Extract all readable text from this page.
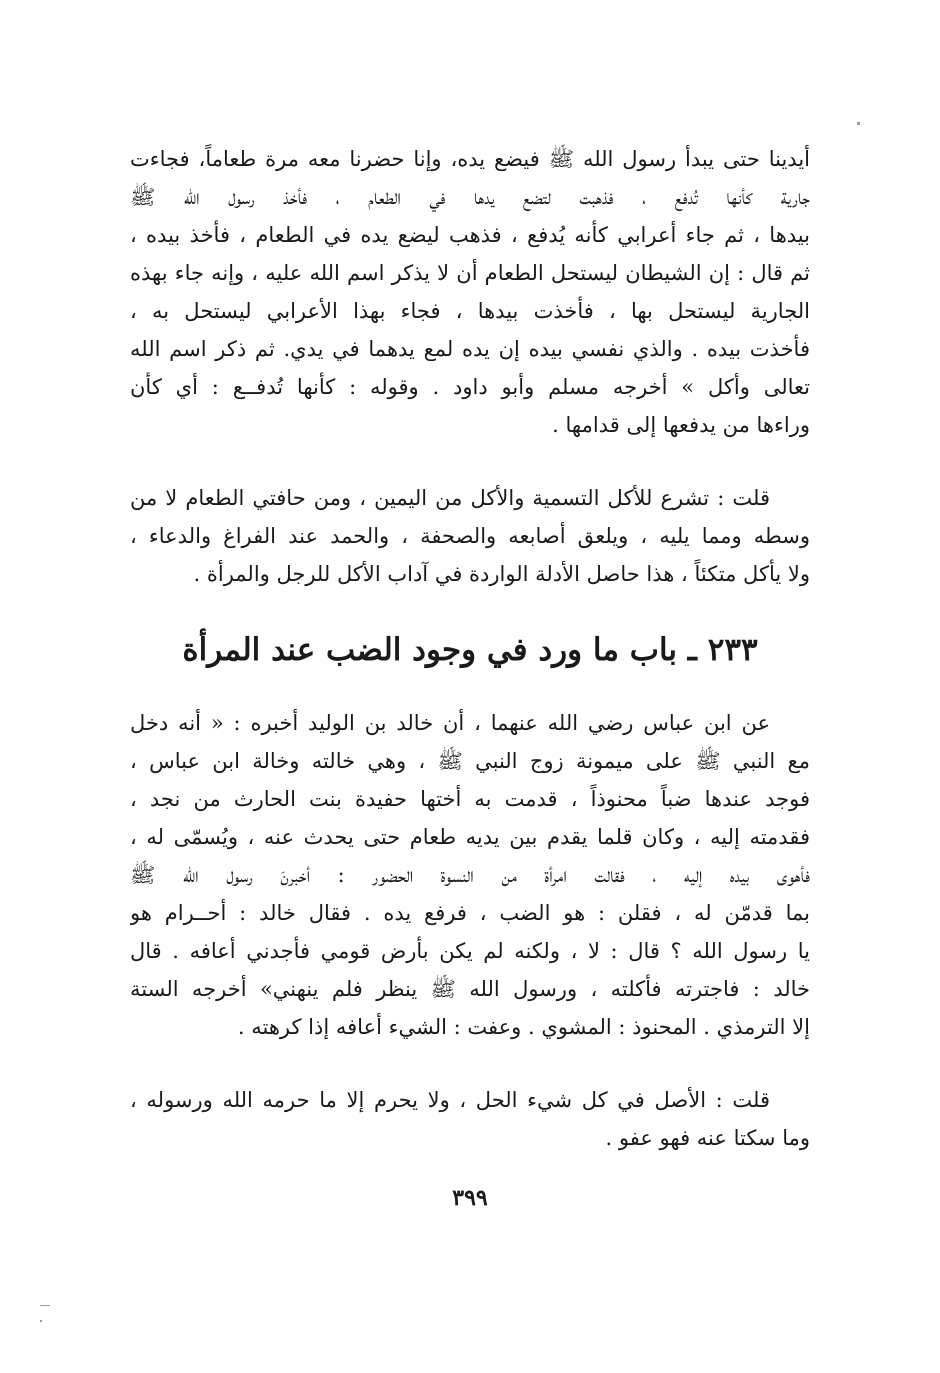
أيدينا حتى يبدأ رسول الله ﷺ فيضع يده، وإنا حضرنا معه مرة طعاماً، فجاءت
جارية كأنها تُدفع ، فذهبت لتضع يدها في الطعام ، فأخذ رسول الله ﷺ
بيدها ، ثم جاء أعرابي كأنه يُدفع ، فذهب ليضع يده في الطعام ، فأخذ بيده ،
ثم قال : إن الشيطان ليستحل الطعام أن لا يذكر اسم الله عليه ، وإنه جاء بهذه
الجارية ليستحل بها ، فأخذت بيدها ، فجاء بهذا الأعرابي ليستحل به ،
فأخذت بيده . والذي نفسي بيده إن يده لمع يدهما في يدي. ثم ذكر اسم الله
تعالى وأكل » أخرجه مسلم وأبو داود . وقوله : كأنها تُدفــع : أي كأن
وراءها من يدفعها إلى قدامها .
قلت : تشرع للأكل التسمية والأكل من اليمين ، ومن حافتي الطعام لا من
وسطه ومما يليه ، ويلعق أصابعه والصحفة ، والحمد عند الفراغ والدعاء ،
ولا يأكل متكئاً ، هذا حاصل الأدلة الواردة في آداب الأكل للرجل والمرأة .
٢٣٣ ـ باب ما ورد في وجود الضب عند المرأة
عن ابن عباس رضي الله عنهما ، أن خالد بن الوليد أخبره : « أنه دخل
مع النبي ﷺ على ميمونة زوج النبي ﷺ ، وهي خالته وخالة ابن عباس ،
فوجد عندها ضباً محنوذاً ، قدمت به أختها حفيدة بنت الحارث من نجد ،
فقدمته إليه ، وكان قلما يقدم بين يديه طعام حتى يحدث عنه ، ويُسمّى له ،
فأهوى بيده إليه ، فقالت امرأة من النسوة الحضور : أخبرنَ رسول الله ﷺ
بما قدمّن له ، فقلن : هو الضب ، فرفع يده . فقال خالد : أحــرام هو
يا رسول الله ؟ قال : لا ، ولكنه لم يكن بأرض قومي فأجدني أعافه . قال
خالد : فاجترته فأكلته ، ورسول الله ﷺ ينظر فلم ينهني» أخرجه الستة
إلا الترمذي . المحنوذ : المشوي . وعفت : الشيء أعافه إذا كرهته .
قلت : الأصل في كل شيء الحل ، ولا يحرم إلا ما حرمه الله ورسوله ،
وما سكتا عنه فهو عفو .
٣٩٩
